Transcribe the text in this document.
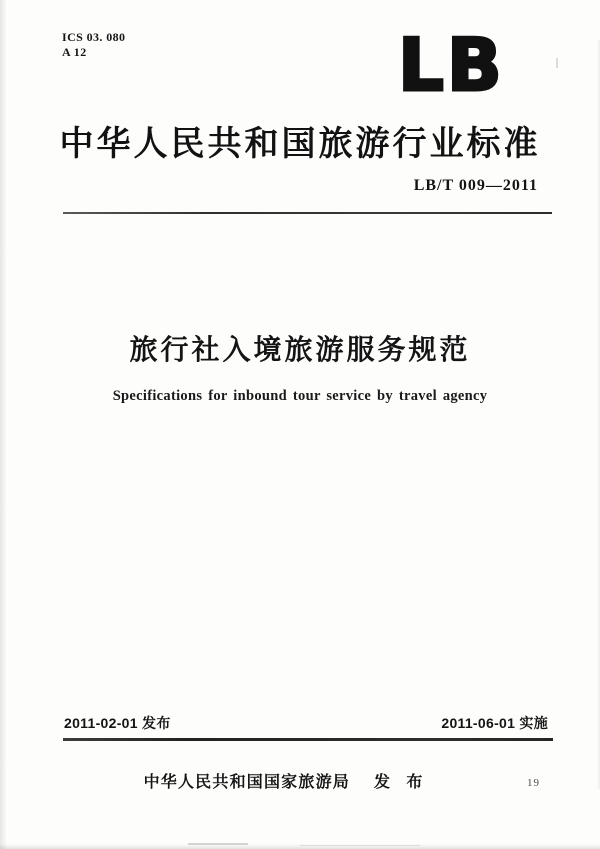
ICS 03. 080
A 12	LB
中华人民共和国旅游行业标准
LB/T 009—2011
旅行社入境旅游服务规范
Specifications for inbound tour service by travel agency
2011-02-01 发布	2011-06-01 实施
中华人民共和国国家旅游局 发 布	19
